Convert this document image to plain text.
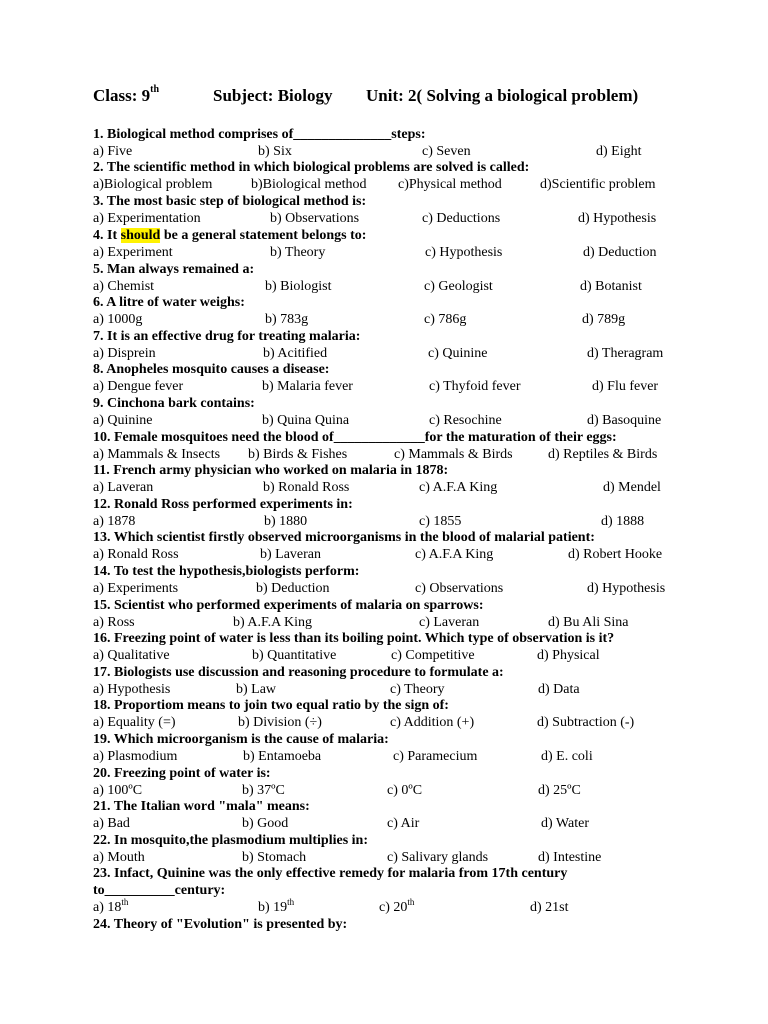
Class: 9th	Subject: Biology Unit: 2( Solving a biological problem)
1. Biological method comprises of______________steps:
a) Five	b) Six	c) Seven	d) Eight
2. The scientific method in which biological problems are solved is called:
a)Biological problem	b)Biological method c)Physical method	d)Scientific problem
3. The most basic step of biological method is:
a) Experimentation	b) Observations	c) Deductions	d) Hypothesis
4. It should be a general statement belongs to:
a) Experiment	b) Theory	c) Hypothesis	d) Deduction
5. Man always remained a:
a) Chemist	b) Biologist	c) Geologist	d) Botanist
6. A litre of water weighs:
a) 1000g	b) 783g	c) 786g	d) 789g
7. It is an effective drug for treating malaria:
a) Disprein	b) Acitified	c) Quinine	d) Theragram
8. Anopheles mosquito causes a disease:
a) Dengue fever	b) Malaria fever	c) Thyfoid fever	d) Flu fever
9. Cinchona bark contains:
a) Quinine	b) Quina Quina	c) Resochine	d) Basoquine
10. Female mosquitoes need the blood of_____________for the maturation of their eggs:
a) Mammals & Insects b) Birds & Fishes	c) Mammals & Birds	d) Reptiles & Birds
11. French army physician who worked on malaria in 1878:
a) Laveran	b) Ronald Ross	c) A.F.A King	d) Mendel
12. Ronald Ross performed experiments in:
a) 1878	b) 1880	c) 1855	d) 1888
13. Which scientist firstly observed microorganisms in the blood of malarial patient:
a) Ronald Ross	b) Laveran	c) A.F.A King	d) Robert Hooke
14. To test the hypothesis,biologists perform:
a) Experiments	b) Deduction	c) Observations	d) Hypothesis
15. Scientist who performed experiments of malaria on sparrows:
a) Ross	b) A.F.A King	c) Laveran	d) Bu Ali Sina
16. Freezing point of water is less than its boiling point. Which type of observation is it?
a) Qualitative	b) Quantitative	c) Competitive	d) Physical
17. Biologists use discussion and reasoning procedure to formulate a:
a) Hypothesis	b) Law	c) Theory	d) Data
18. Proportiom means to join two equal ratio by the sign of:
a) Equality (=)	b) Division (÷)	c) Addition (+)	d) Subtraction (-)
19. Which microorganism is the cause of malaria:
a) Plasmodium	b) Entamoeba	c) Paramecium	d) E. coli
20. Freezing point of water is:
a) 100ºC	b) 37ºC	c) 0ºC	d) 25ºC
21. The Italian word "mala" means:
a) Bad	b) Good	c) Air	d) Water
22. In mosquito,the plasmodium multiplies in:
a) Mouth	b) Stomach	c) Salivary glands	d) Intestine
23. Infact, Quinine was the only effective remedy for malaria from 17th century
to__________century:
a) 18th	b) 19th	c) 20th	d) 21st
24. Theory of "Evolution" is presented by:
